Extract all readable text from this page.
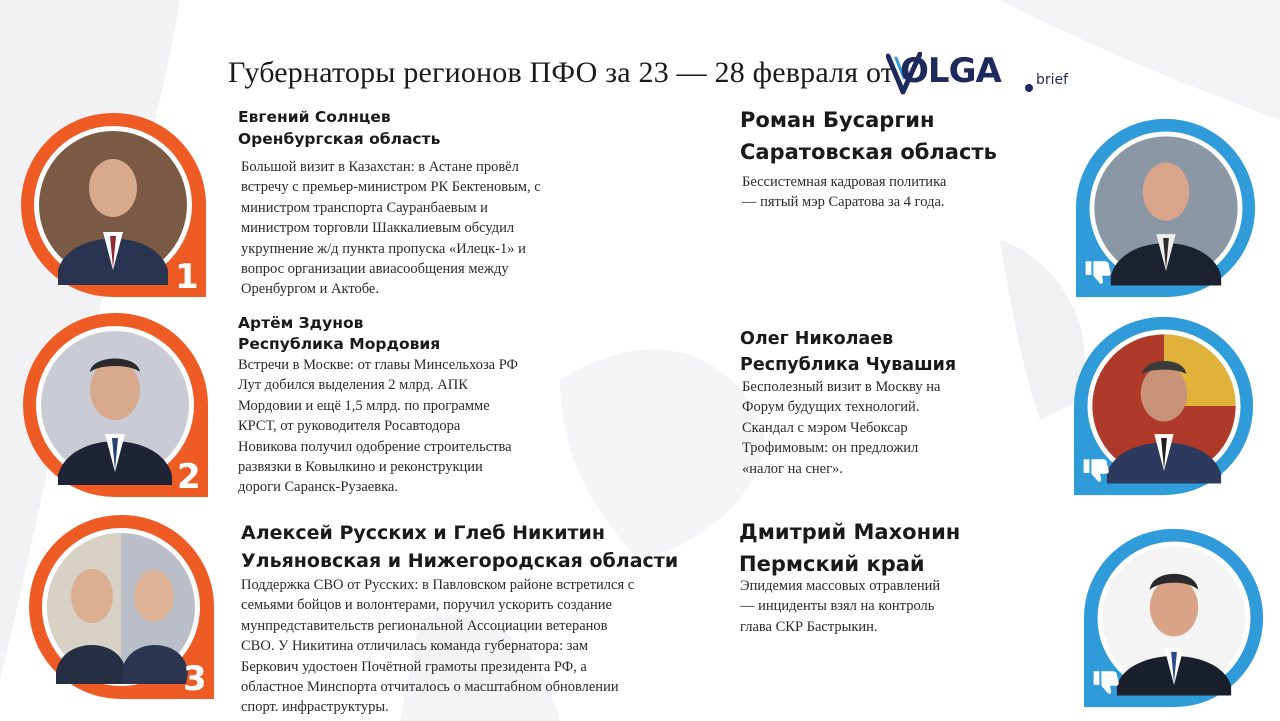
Губернаторы регионов ПФО за 23 — 28 февраля от OLGA	brief
1
Евгений Солнцев
Оренбургская область
Большой визит в Казахстан: в Астане провёл
встречу с премьер-министром РК Бектеновым, с
министром транспорта Сауранбаевым и
министром торговли Шаккалиевым обсудил
укрупнение ж/д пункта пропуска «Илецк-1» и
вопрос организации авиасообщения между
Оренбургом и Актобе.
2
Артём Здунов
Республика Мордовия
Встречи в Москве: от главы Минсельхоза РФ
Лут добился выделения 2 млрд. АПК
Мордовии и ещё 1,5 млрд. по программе
КРСТ, от руководителя Росавтодора
Новикова получил одобрение строительства
развязки в Ковылкино и реконструкции
дороги Саранск-Рузаевка.
3
Алексей Русских и Глеб Никитин
Ульяновская и Нижегородская области
Поддержка СВО от Русских: в Павловском районе встретился с
семьями бойцов и волонтерами, поручил ускорить создание
мунпредставительств региональной Ассоциации ветеранов
СВО. У Никитина отличилась команда губернатора: зам
Беркович удостоен Почётной грамоты президента РФ, а
областное Минспорта отчиталось о масштабном обновлении
спорт. инфраструктуры.
Роман Бусаргин
Саратовская область
Бессистемная кадровая политика
— пятый мэр Саратова за 4 года.
Олег Николаев
Республика Чувашия
Бесполезный визит в Москву на
Форум будущих технологий.
Скандал с мэром Чебоксар
Трофимовым: он предложил
«налог на снег».
Дмитрий Махонин
Пермский край
Эпидемия массовых отравлений
— инциденты взял на контроль
глава СКР Бастрыкин.
